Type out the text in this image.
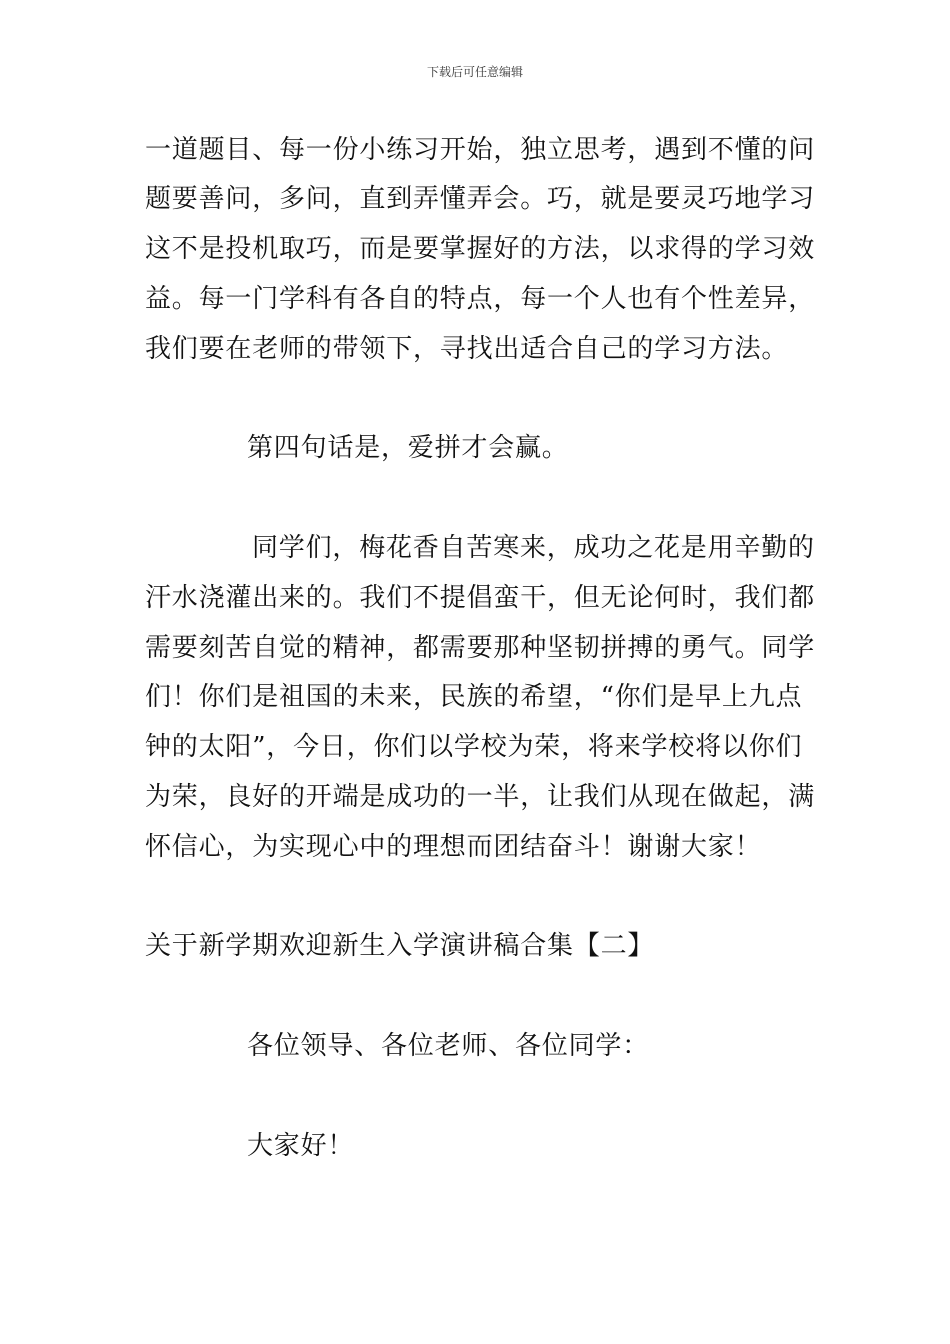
下载后可任意编辑
一道题目、每一份小练习开始，独立思考，遇到不懂的问
题要善问，多问，直到弄懂弄会。巧，就是要灵巧地学习
这不是投机取巧，而是要掌握好的方法，以求得的学习效
益。每一门学科有各自的特点，每一个人也有个性差异，
我们要在老师的带领下，寻找出适合自己的学习方法。
第四句话是，爱拼才会赢。
同学们，梅花香自苦寒来，成功之花是用辛勤的
汗水浇灌出来的。我们不提倡蛮干，但无论何时，我们都
需要刻苦自觉的精神，都需要那种坚韧拼搏的勇气。同学
们！你们是祖国的未来，民族的希望，“你们是早上九点
钟的太阳”，今日，你们以学校为荣，将来学校将以你们
为荣，良好的开端是成功的一半，让我们从现在做起，满
怀信心，为实现心中的理想而团结奋斗！谢谢大家！
关于新学期欢迎新生入学演讲稿合集【二】
各位领导、各位老师、各位同学：
大家好！
